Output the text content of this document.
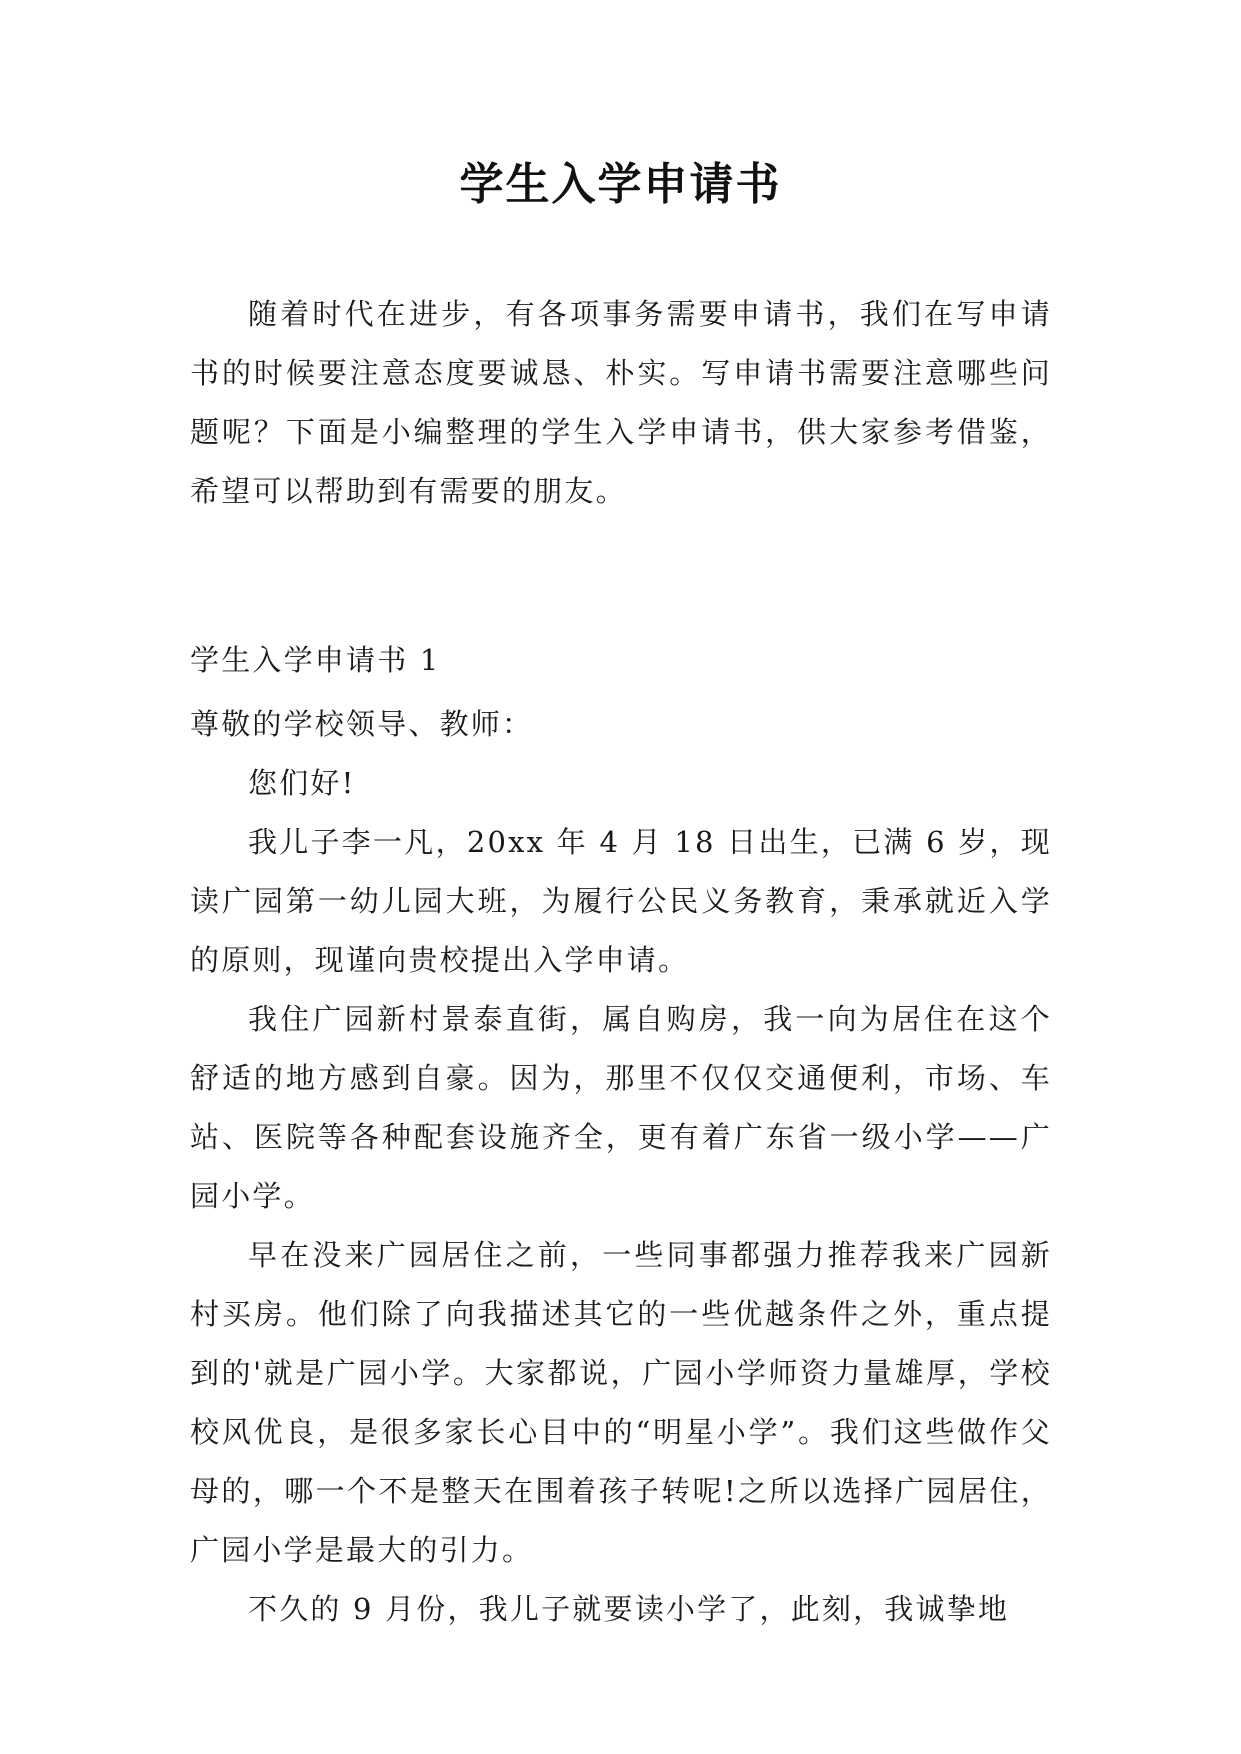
学生入学申请书

随着时代在进步，有各项事务需要申请书，我们在写申请书的时候要注意态度要诚恳、朴实。写申请书需要注意哪些问题呢？下面是小编整理的学生入学申请书，供大家参考借鉴，希望可以帮助到有需要的朋友。

学生入学申请书 1

尊敬的学校领导、教师：

您们好!

我儿子李一凡，20xx 年 4 月 18 日出生，已满 6 岁，现读广园第一幼儿园大班，为履行公民义务教育，秉承就近入学的原则，现谨向贵校提出入学申请。

我住广园新村景泰直街，属自购房，我一向为居住在这个舒适的地方感到自豪。因为，那里不仅仅交通便利，市场、车站、医院等各种配套设施齐全，更有着广东省一级小学——广园小学。

早在没来广园居住之前，一些同事都强力推荐我来广园新村买房。他们除了向我描述其它的一些优越条件之外，重点提到的'就是广园小学。大家都说，广园小学师资力量雄厚，学校校风优良，是很多家长心目中的“明星小学”。我们这些做作父母的，哪一个不是整天在围着孩子转呢!之所以选择广园居住，广园小学是最大的引力。

不久的 9 月份，我儿子就要读小学了，此刻，我诚挚地
